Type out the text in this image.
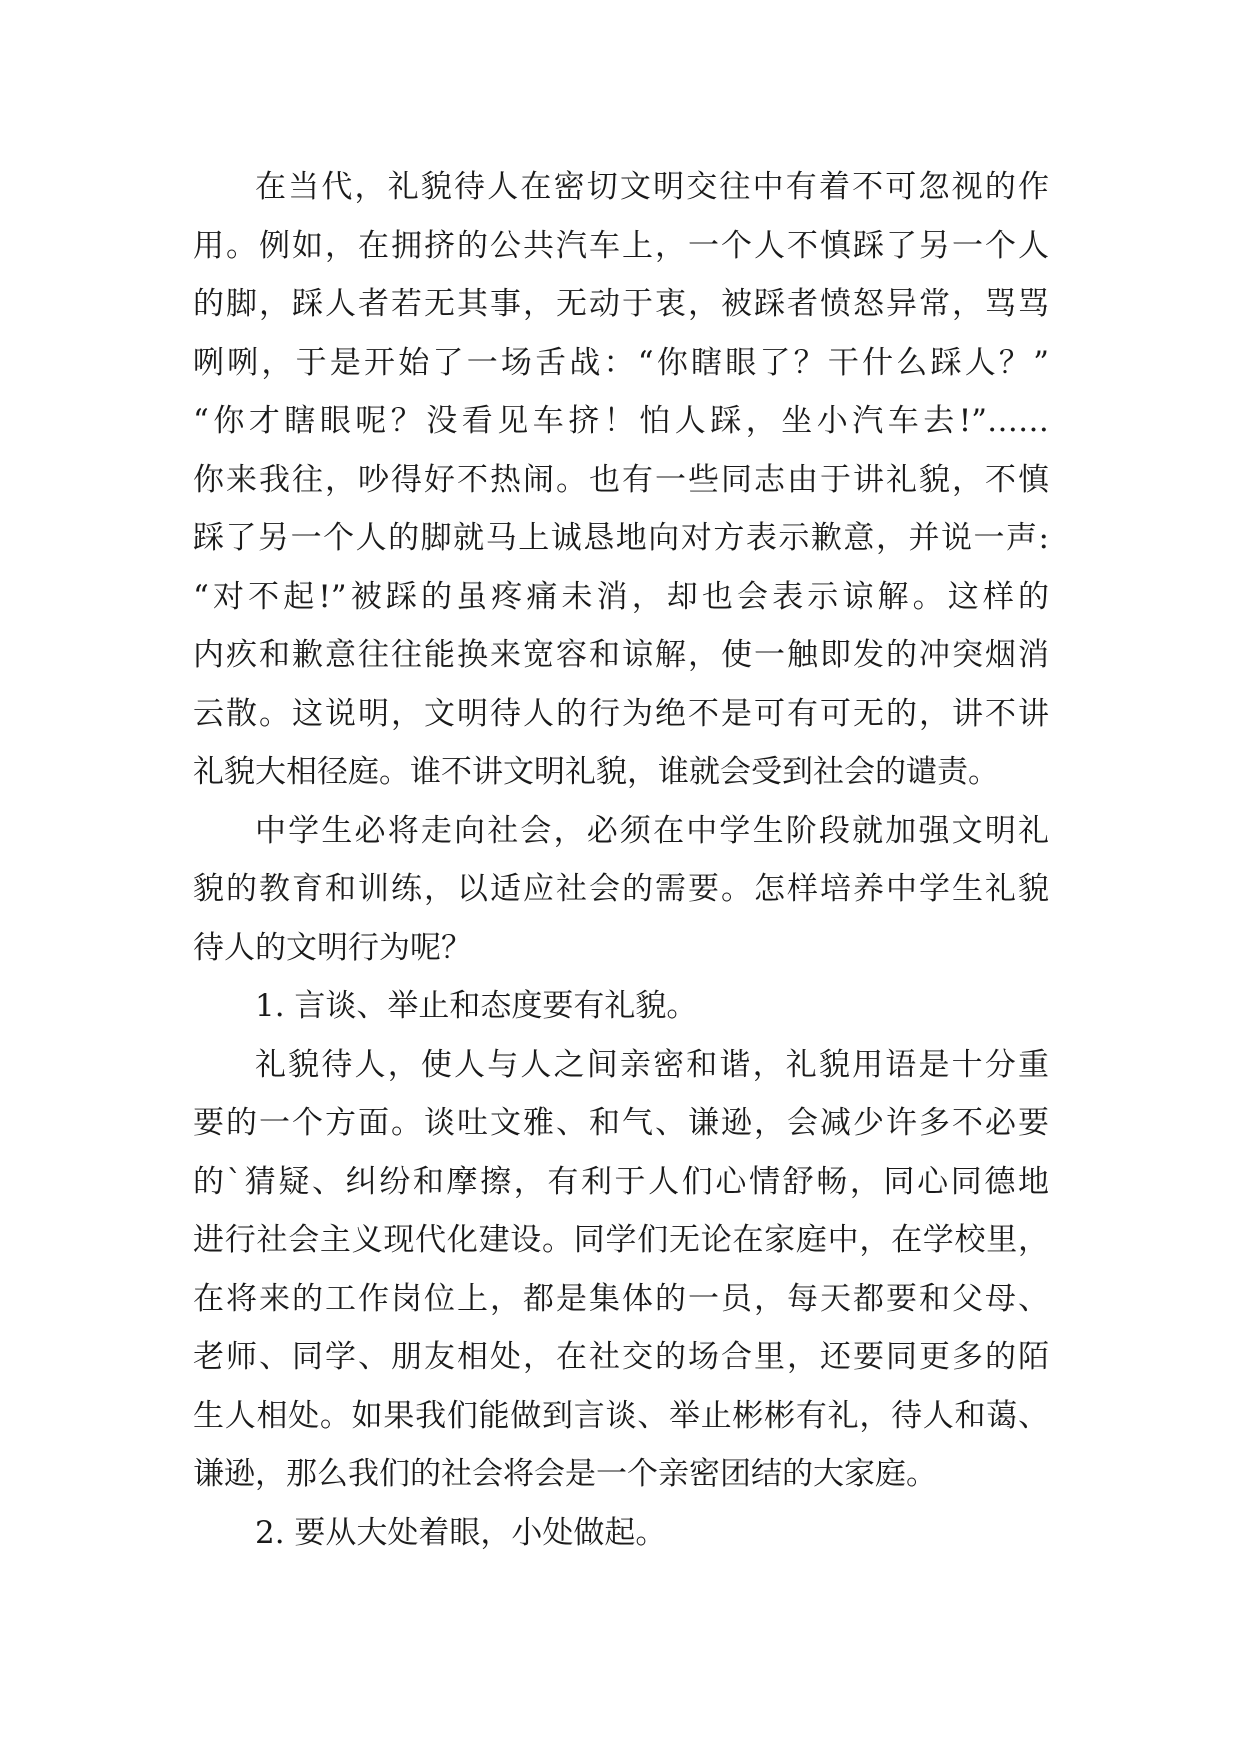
在当代，礼貌待人在密切文明交往中有着不可忽视的作
用。例如，在拥挤的公共汽车上，一个人不慎踩了另一个人
的脚，踩人者若无其事，无动于衷，被踩者愤怒异常，骂骂
咧咧，于是开始了一场舌战：“你瞎眼了？干什么踩人？”
“你才瞎眼呢？没看见车挤！怕人踩，坐小汽车去!”……
你来我往，吵得好不热闹。也有一些同志由于讲礼貌，不慎
踩了另一个人的脚就马上诚恳地向对方表示歉意，并说一声:
“对不起!”被踩的虽疼痛未消，却也会表示谅解。这样的
内疚和歉意往往能换来宽容和谅解，使一触即发的冲突烟消
云散。这说明，文明待人的行为绝不是可有可无的，讲不讲
礼貌大相径庭。谁不讲文明礼貌，谁就会受到社会的谴责。
中学生必将走向社会，必须在中学生阶段就加强文明礼
貌的教育和训练，以适应社会的需要。怎样培养中学生礼貌
待人的文明行为呢？
1. 言谈、举止和态度要有礼貌。
礼貌待人，使人与人之间亲密和谐，礼貌用语是十分重
要的一个方面。谈吐文雅、和气、谦逊，会减少许多不必要
的`猜疑、纠纷和摩擦，有利于人们心情舒畅，同心同德地
进行社会主义现代化建设。同学们无论在家庭中，在学校里，
在将来的工作岗位上，都是集体的一员，每天都要和父母、
老师、同学、朋友相处，在社交的场合里，还要同更多的陌
生人相处。如果我们能做到言谈、举止彬彬有礼，待人和蔼、
谦逊，那么我们的社会将会是一个亲密团结的大家庭。
2. 要从大处着眼，小处做起。
